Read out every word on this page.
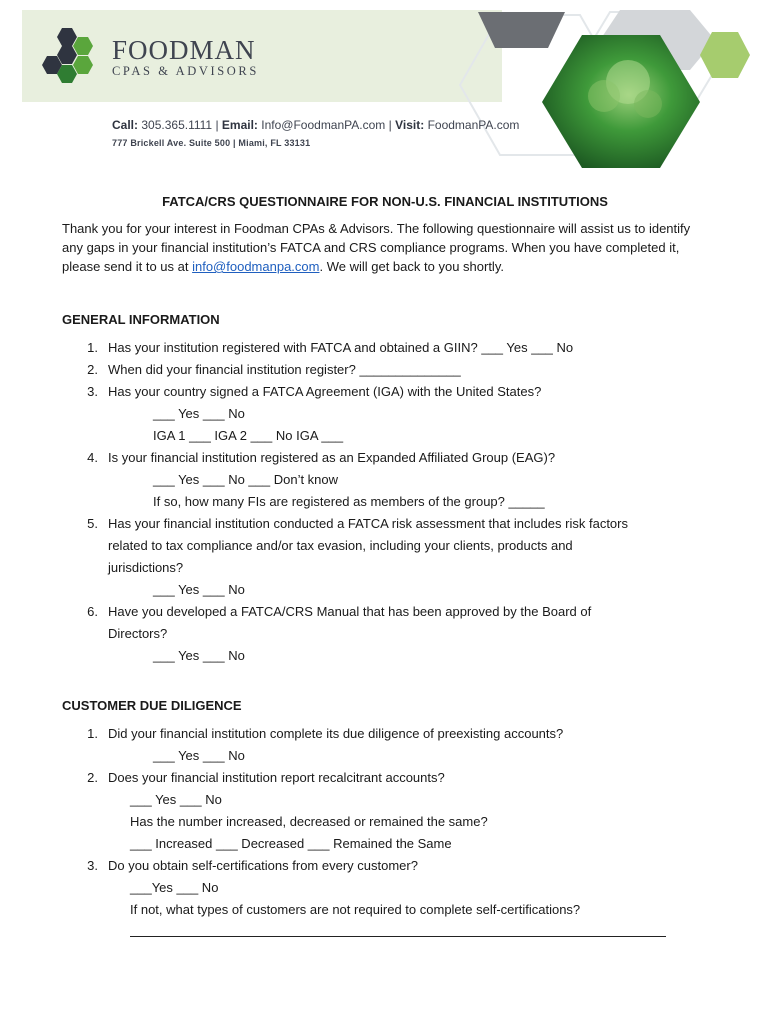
FOODMAN
CPAS & ADVISORS
Call: 305.365.1111 | Email: Info@FoodmanPA.com | Visit: FoodmanPA.com
777 Brickell Ave. Suite 500 | Miami, FL 33131
FATCA/CRS QUESTIONNAIRE FOR NON-U.S. FINANCIAL INSTITUTIONS
Thank you for your interest in Foodman CPAs & Advisors. The following questionnaire will assist us to identify any gaps in your financial institution’s FATCA and CRS compliance programs. When you have completed it, please send it to us at info@foodmanpa.com. We will get back to you shortly.
GENERAL INFORMATION
1. Has your institution registered with FATCA and obtained a GIIN? ___ Yes ___ No
2. When did your financial institution register? ______________
3. Has your country signed a FATCA Agreement (IGA) with the United States?
___ Yes ___ No
IGA 1 ___ IGA 2 ___ No IGA ___
4. Is your financial institution registered as an Expanded Affiliated Group (EAG)?
___ Yes ___ No ___ Don’t know
If so, how many FIs are registered as members of the group? _____
5. Has your financial institution conducted a FATCA risk assessment that includes risk factors
related to tax compliance and/or tax evasion, including your clients, products and
jurisdictions?
___ Yes ___ No
6. Have you developed a FATCA/CRS Manual that has been approved by the Board of
Directors?
___ Yes ___ No
CUSTOMER DUE DILIGENCE
1. Did your financial institution complete its due diligence of preexisting accounts?
___ Yes ___ No
2. Does your financial institution report recalcitrant accounts?
___ Yes ___ No
Has the number increased, decreased or remained the same?
___ Increased ___ Decreased ___ Remained the Same
3. Do you obtain self-certifications from every customer?
___Yes ___ No
If not, what types of customers are not required to complete self-certifications?
